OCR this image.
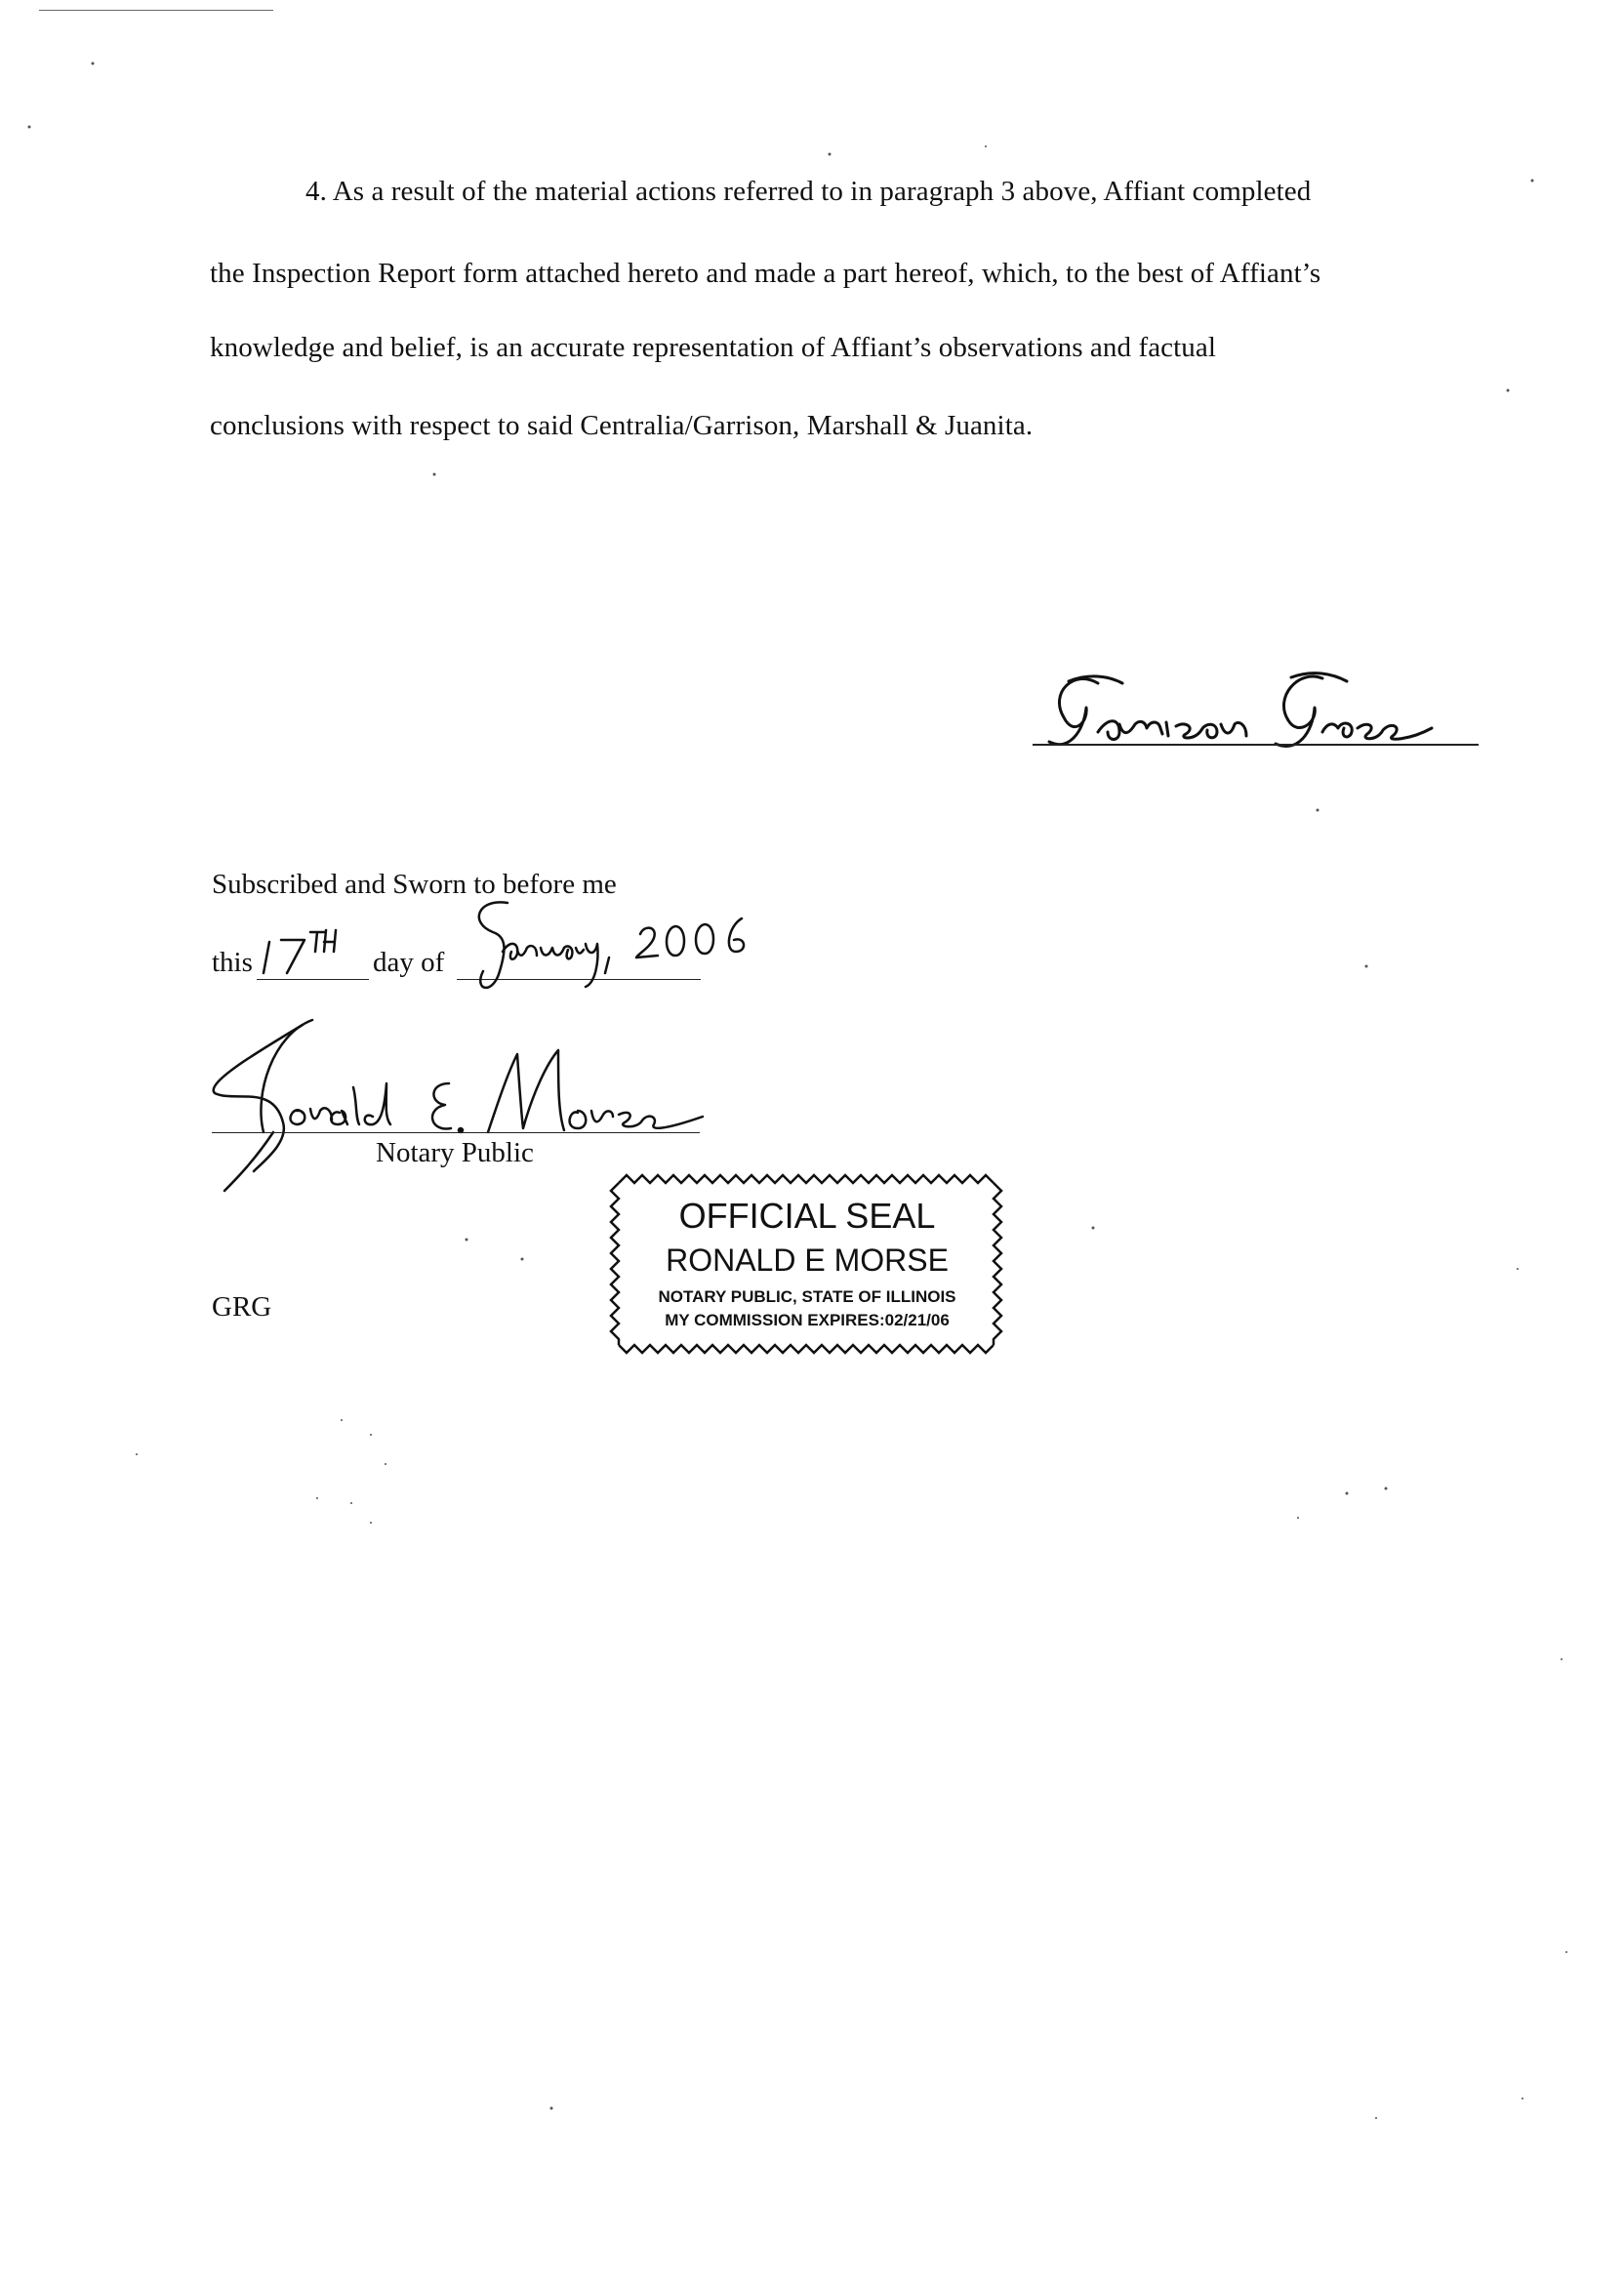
4. As a result of the material actions referred to in paragraph 3 above, Affiant completed
the Inspection Report form attached hereto and made a part hereof, which, to the best of Affiant’s
knowledge and belief, is an accurate representation of Affiant’s observations and factual
conclusions with respect to said Centralia/Garrison, Marshall & Juanita.
Subscribed and Sworn to before me
this	day of
Notary Public
OFFICIAL SEAL
RONALD E MORSE
NOTARY PUBLIC, STATE OF ILLINOIS
MY COMMISSION EXPIRES:02/21/06
GRG
